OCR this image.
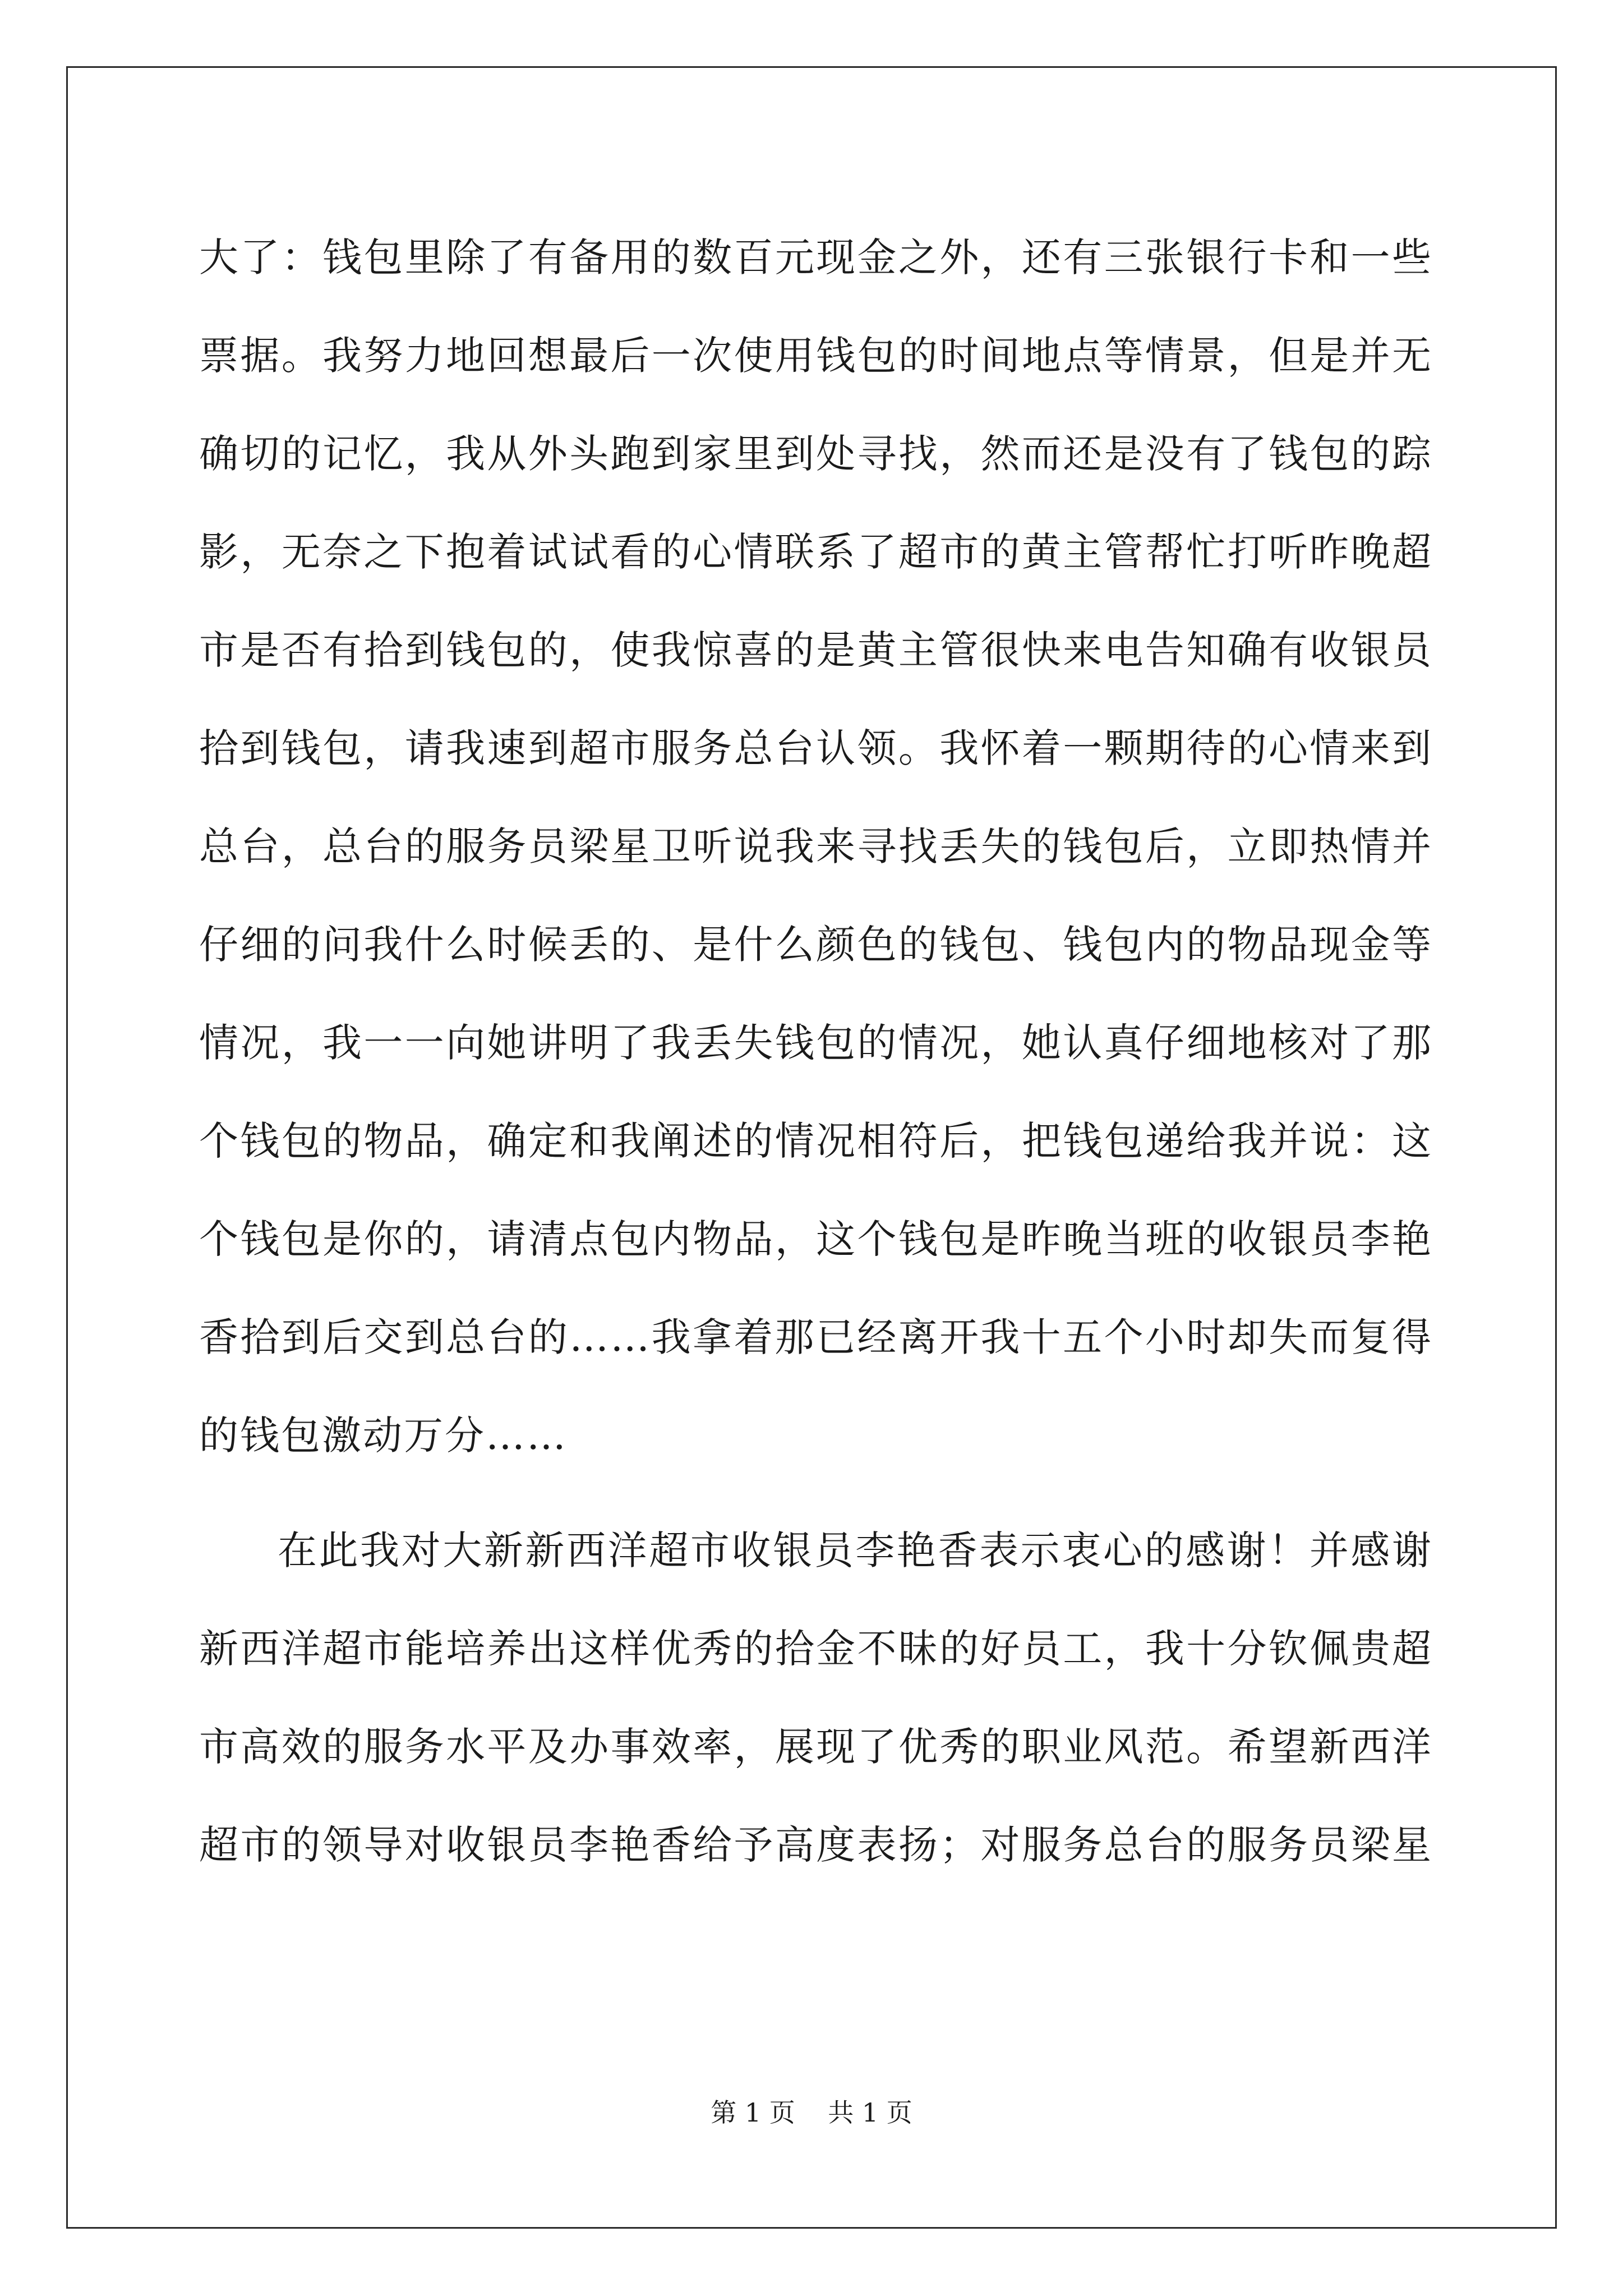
大了：钱包里除了有备用的数百元现金之外，还有三张银行卡和一些
票据。我努力地回想最后一次使用钱包的时间地点等情景，但是并无
确切的记忆，我从外头跑到家里到处寻找，然而还是没有了钱包的踪
影，无奈之下抱着试试看的心情联系了超市的黄主管帮忙打听昨晚超
市是否有拾到钱包的，使我惊喜的是黄主管很快来电告知确有收银员
拾到钱包，请我速到超市服务总台认领。我怀着一颗期待的心情来到
总台，总台的服务员梁星卫听说我来寻找丢失的钱包后，立即热情并
仔细的问我什么时候丢的、是什么颜色的钱包、钱包内的物品现金等
情况，我一一向她讲明了我丢失钱包的情况，她认真仔细地核对了那
个钱包的物品，确定和我阐述的情况相符后，把钱包递给我并说：这
个钱包是你的，请清点包内物品，这个钱包是昨晚当班的收银员李艳
香拾到后交到总台的……我拿着那已经离开我十五个小时却失而复得
的钱包激动万分……
在此我对大新新西洋超市收银员李艳香表示衷心的感谢！并感谢
新西洋超市能培养出这样优秀的拾金不昧的好员工，我十分钦佩贵超
市高效的服务水平及办事效率，展现了优秀的职业风范。希望新西洋
超市的领导对收银员李艳香给予高度表扬；对服务总台的服务员梁星
第 1 页    共 1 页
